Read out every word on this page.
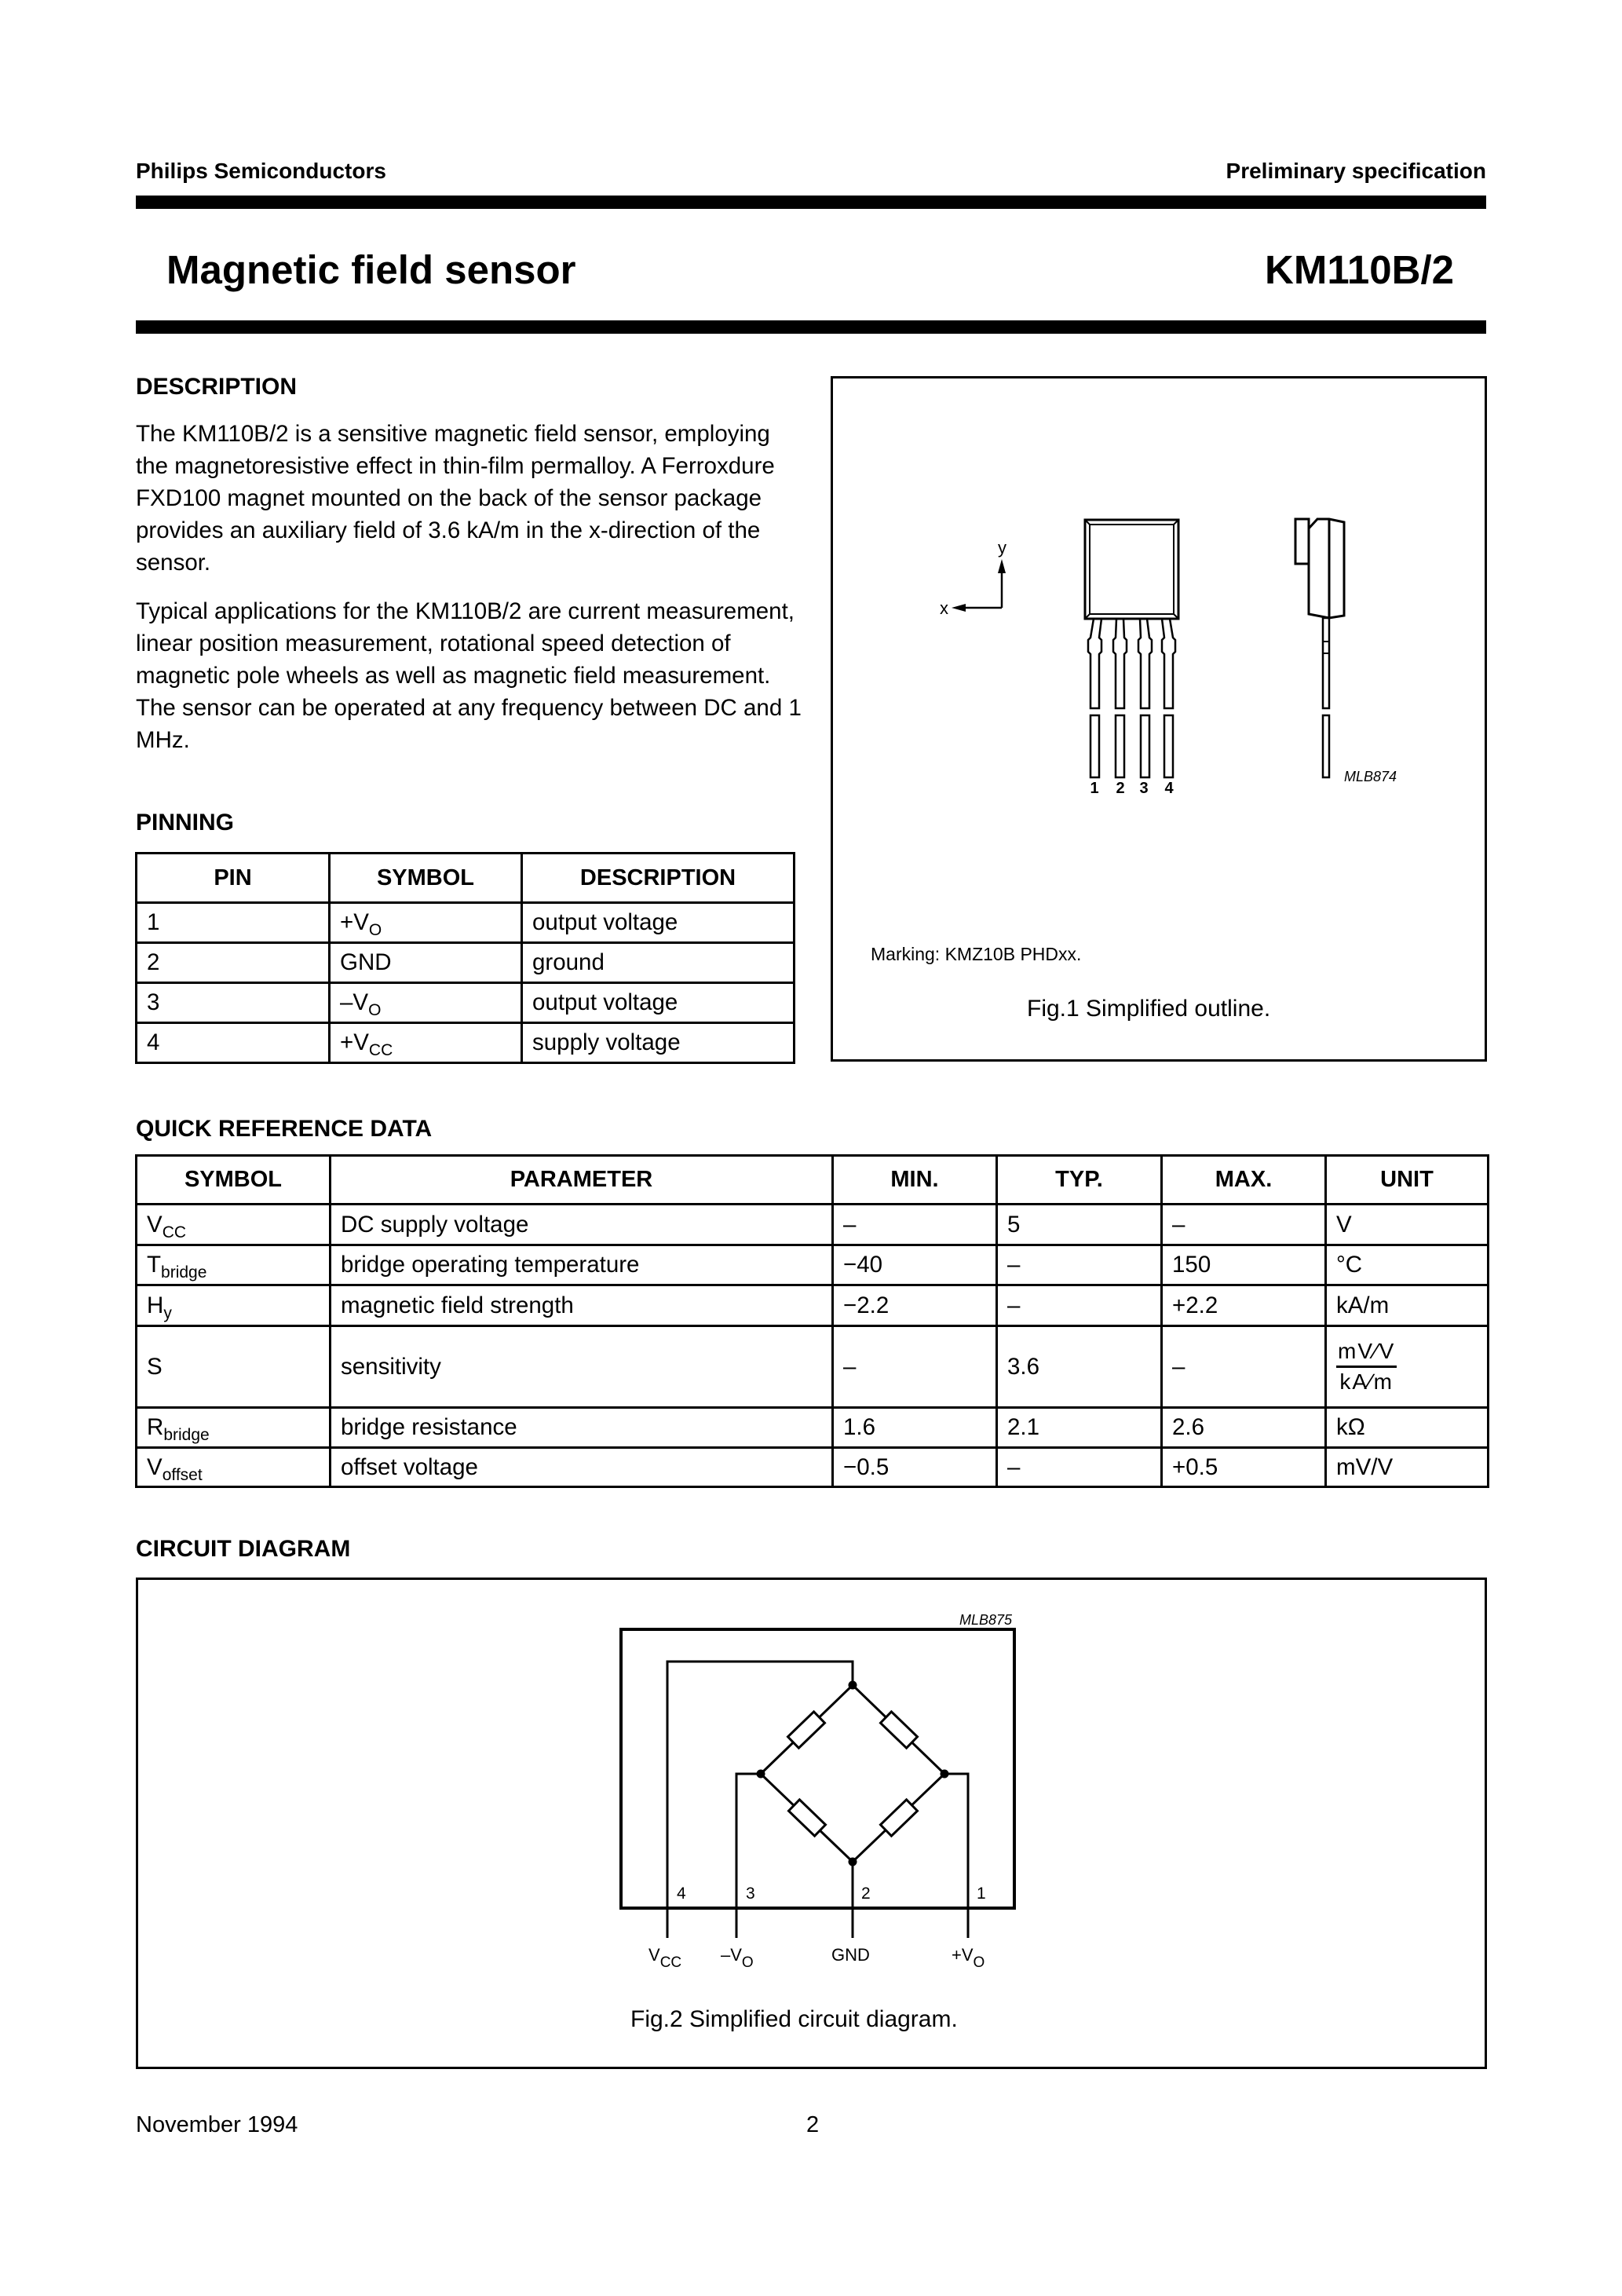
Philips Semiconductors	Preliminary specification
Magnetic field sensor	KM110B/2
DESCRIPTION

The KM110B/2 is a sensitive magnetic field sensor, employing the magnetoresistive effect in thin-film permalloy. A Ferroxdure FXD100 magnet mounted on the back of the sensor package provides an auxiliary field of 3.6 kA/m in the x-direction of the sensor.

Typical applications for the KM110B/2 are current measurement, linear position measurement, rotational speed detection of magnetic pole wheels as well as magnetic field measurement. The sensor can be operated at any frequency between DC and 1 MHz.

PINNING
PIN	SYMBOL	DESCRIPTION
1	$+V_O$	output voltage
2	GND	ground
3	$-V_O$	output voltage
4	$+V_{CC}$	supply voltage
y
x
1 2 3 4
MLB874
Marking: KMZ10B PHDxx.
Fig.1 Simplified outline.
QUICK REFERENCE DATA
SYMBOL	PARAMETER	MIN.	TYP.	MAX.	UNIT
$V_{CC}$	DC supply voltage	–	5	–	V
$T_{bridge}$	bridge operating temperature	−40	–	150	°C
$H_y$	magnetic field strength	−2.2	–	+2.2	kA/m
S	sensitivity	–	3.6	–	$\frac{mV∕V}{kA∕m}$

$R_{bridge}$	bridge resistance	1.6	2.1	2.6	kΩ
$V_{offset}$	offset voltage	−0.5	–	+0.5	mV/V
CIRCUIT DIAGRAM
MLB875
4	3	2	1
VCC –VO	GND	+VO
Fig.2 Simplified circuit diagram.
November 1994	2
